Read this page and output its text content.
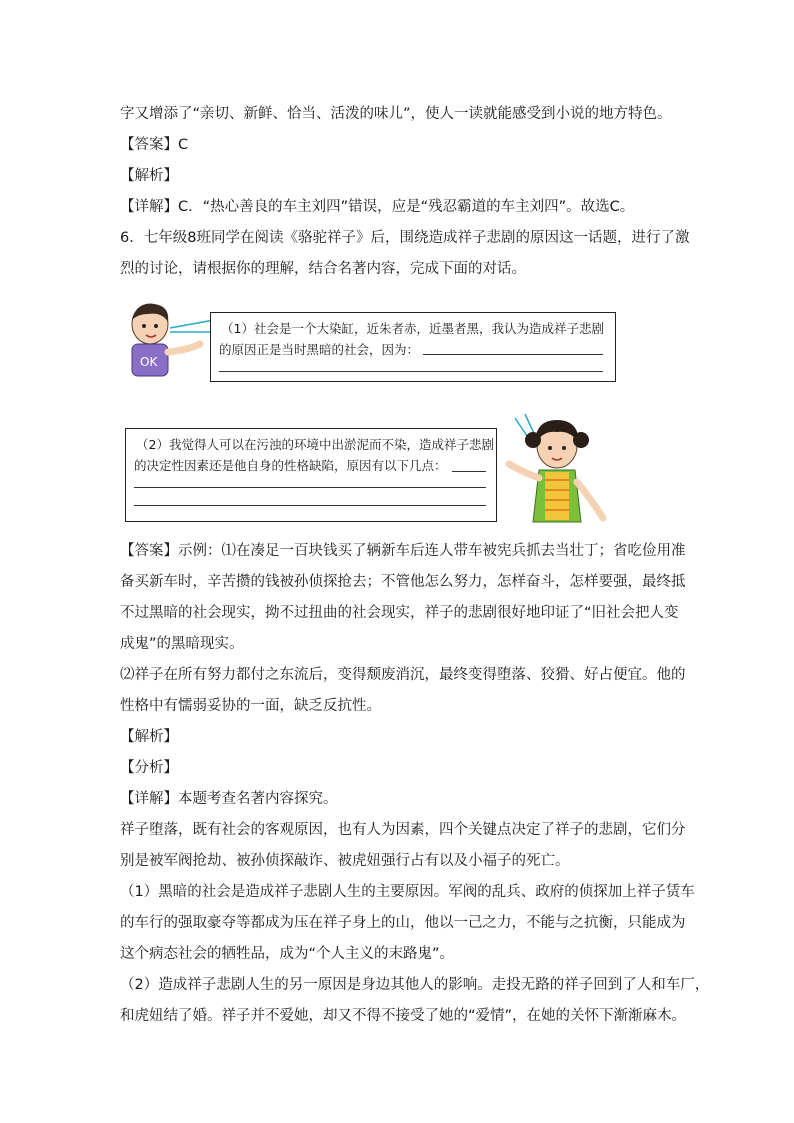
字又增添了“亲切、新鲜、恰当、活泼的味儿”，使人一读就能感受到小说的地方特色。
【答案】C
【解析】
【详解】C．“热心善良的车主刘四”错误，应是“残忍霸道的车主刘四”。故选C。
6．七年级8班同学在阅读《骆驼祥子》后，围绕造成祥子悲剧的原因这一话题，进行了激
烈的讨论，请根据你的理解，结合名著内容，完成下面的对话。
OK
（1）社会是一个大染缸，近朱者赤，近墨者黑，我认为造成祥子悲剧
的原因正是当时黑暗的社会，因为：
（2）我觉得人可以在污浊的环境中出淤泥而不染，造成祥子悲剧
的决定性因素还是他自身的性格缺陷，原因有以下几点：
【答案】示例：⑴在凑足一百块钱买了辆新车后连人带车被宪兵抓去当壮丁；省吃俭用准
备买新车时，辛苦攒的钱被孙侦探抢去；不管他怎么努力，怎样奋斗，怎样要强，最终抵
不过黑暗的社会现实，拗不过扭曲的社会现实，祥子的悲剧很好地印证了“旧社会把人变
成鬼”的黑暗现实。
⑵祥子在所有努力都付之东流后，变得颓废消沉，最终变得堕落、狡猾、好占便宜。他的
性格中有懦弱妥协的一面，缺乏反抗性。
【解析】
【分析】
【详解】本题考查名著内容探究。
祥子堕落，既有社会的客观原因，也有人为因素，四个关键点决定了祥子的悲剧，它们分
别是被军阀抢劫、被孙侦探敲诈、被虎妞强行占有以及小福子的死亡。
（1）黑暗的社会是造成祥子悲剧人生的主要原因。军阀的乱兵、政府的侦探加上祥子赁车
的车行的强取豪夺等都成为压在祥子身上的山，他以一己之力，不能与之抗衡，只能成为
这个病态社会的牺牲品，成为“个人主义的末路鬼”。
（2）造成祥子悲剧人生的另一原因是身边其他人的影响。走投无路的祥子回到了人和车厂，
和虎妞结了婚。祥子并不爱她，却又不得不接受了她的“爱情”，在她的关怀下渐渐麻木。
